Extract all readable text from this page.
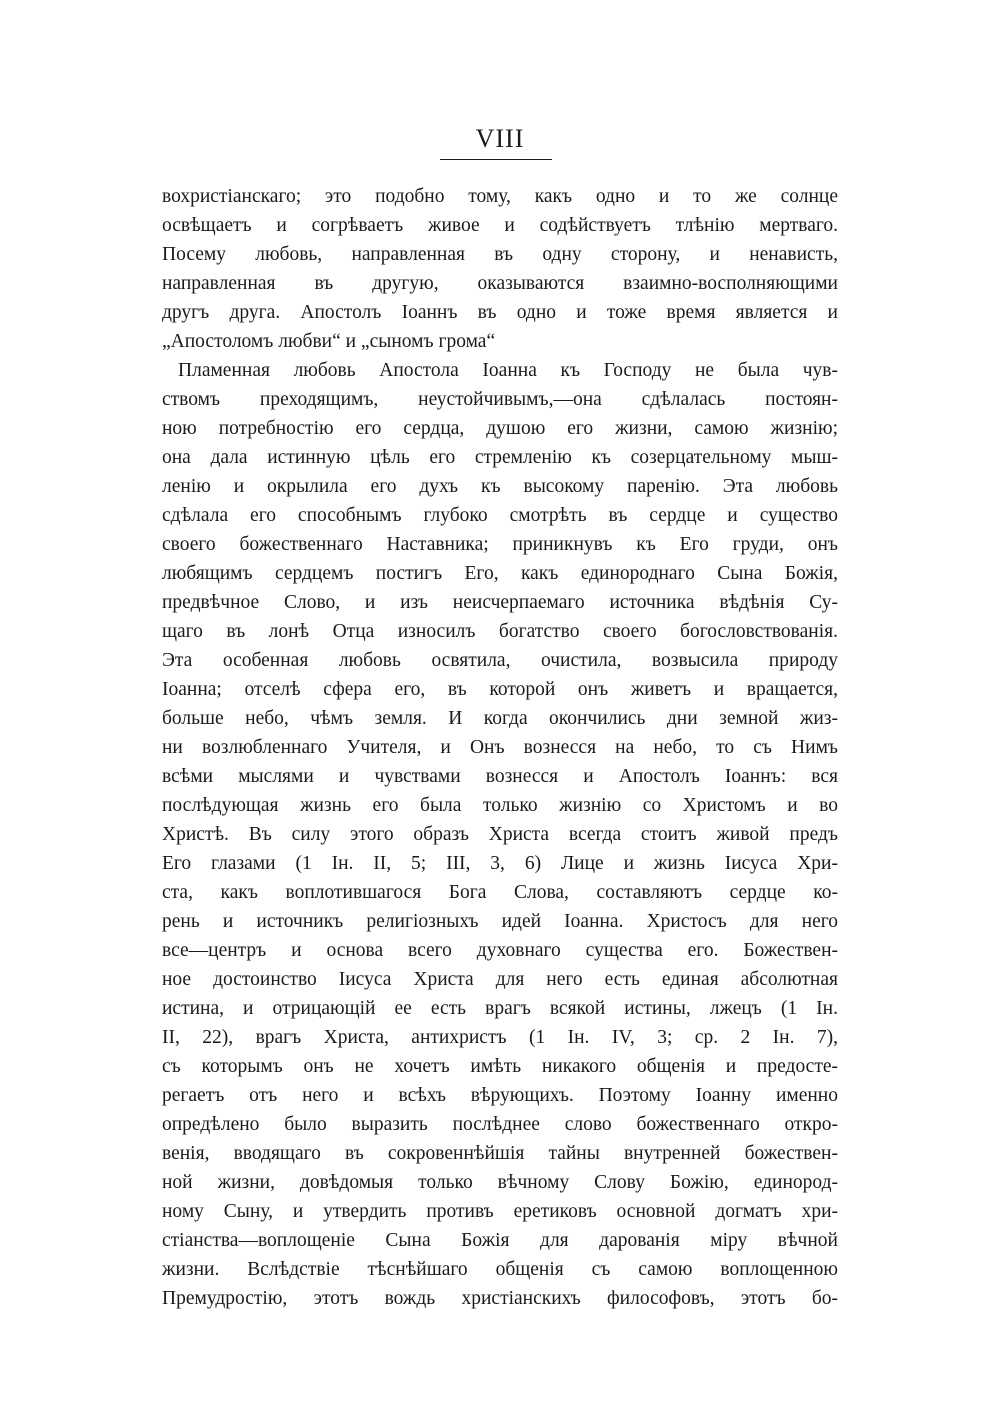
VIII
вохристіанскаго; это подобно тому, какъ одно и то же солнце
освѣщаетъ и согрѣваетъ живое и содѣйствуетъ тлѣнію мертваго.
Посему любовь, направленная въ одну сторону, и ненависть,
направленная въ другую, оказываются взаимно-восполняющими
другъ друга. Апостолъ Іоаннъ въ одно и тоже время является и
„Апостоломъ любви“ и „сыномъ грома“
Пламенная любовь Апостола Іоанна къ Господу не была чув-
ствомъ преходящимъ, неустойчивымъ,—она сдѣлалась постоян-
ною потребностію его сердца, душою его жизни, самою жизнію;
она дала истинную цѣль его стремленію къ созерцательному мыш-
ленію и окрылила его духъ къ высокому паренію. Эта любовь
сдѣлала его способнымъ глубоко смотрѣть въ сердце и существо
своего божественнаго Наставника; приникнувъ къ Его груди, онъ
любящимъ сердцемъ постигъ Его, какъ единороднаго Сына Божія,
предвѣчное Слово, и изъ неисчерпаемаго источника вѣдѣнія Су-
щаго въ лонѣ Отца износилъ богатство своего богословствованія.
Эта особенная любовь освятила, очистила, возвысила природу
Іоанна; отселѣ сфера его, въ которой онъ живетъ и вращается,
больше небо, чѣмъ земля. И когда окончились дни земной жиз-
ни возлюбленнаго Учителя, и Онъ вознесся на небо, то съ Нимъ
всѣми мыслями и чувствами вознесся и Апостолъ Іоаннъ: вся
послѣдующая жизнь его была только жизнію со Христомъ и во
Христѣ. Въ силу этого образъ Христа всегда стоитъ живой предъ
Его глазами (1 Ін. II, 5; III, 3, 6) Лице и жизнь Іисуса Хри-
ста, какъ воплотившагося Бога Слова, составляютъ сердце ко-
рень и источникъ религіозныхъ идей Іоанна. Христосъ для него
все—центръ и основа всего духовнаго существа его. Божествен-
ное достоинство Іисуса Христа для него есть единая абсолютная
истина, и отрицающій ее есть врагъ всякой истины, лжецъ (1 Ін.
II, 22), врагъ Христа, антихристъ (1 Ін. IV, 3; ср. 2 Ін. 7),
съ которымъ онъ не хочетъ имѣть никакого общенія и предосте-
регаетъ отъ него и всѣхъ вѣрующихъ. Поэтому Іоанну именно
опредѣлено было выразить послѣднее слово божественнаго откро-
венія, вводящаго въ сокровеннѣйшія тайны внутренней божествен-
ной жизни, довѣдомыя только вѣчному Слову Божію, единород-
ному Сыну, и утвердить противъ еретиковъ основной догматъ хри-
стіанства—воплощеніе Сына Божія для дарованія міру вѣчной
жизни. Вслѣдствіе тѣснѣйшаго общенія съ самою воплощенною
Премудростію, этотъ вождь христіанскихъ философовъ, этотъ бо-
